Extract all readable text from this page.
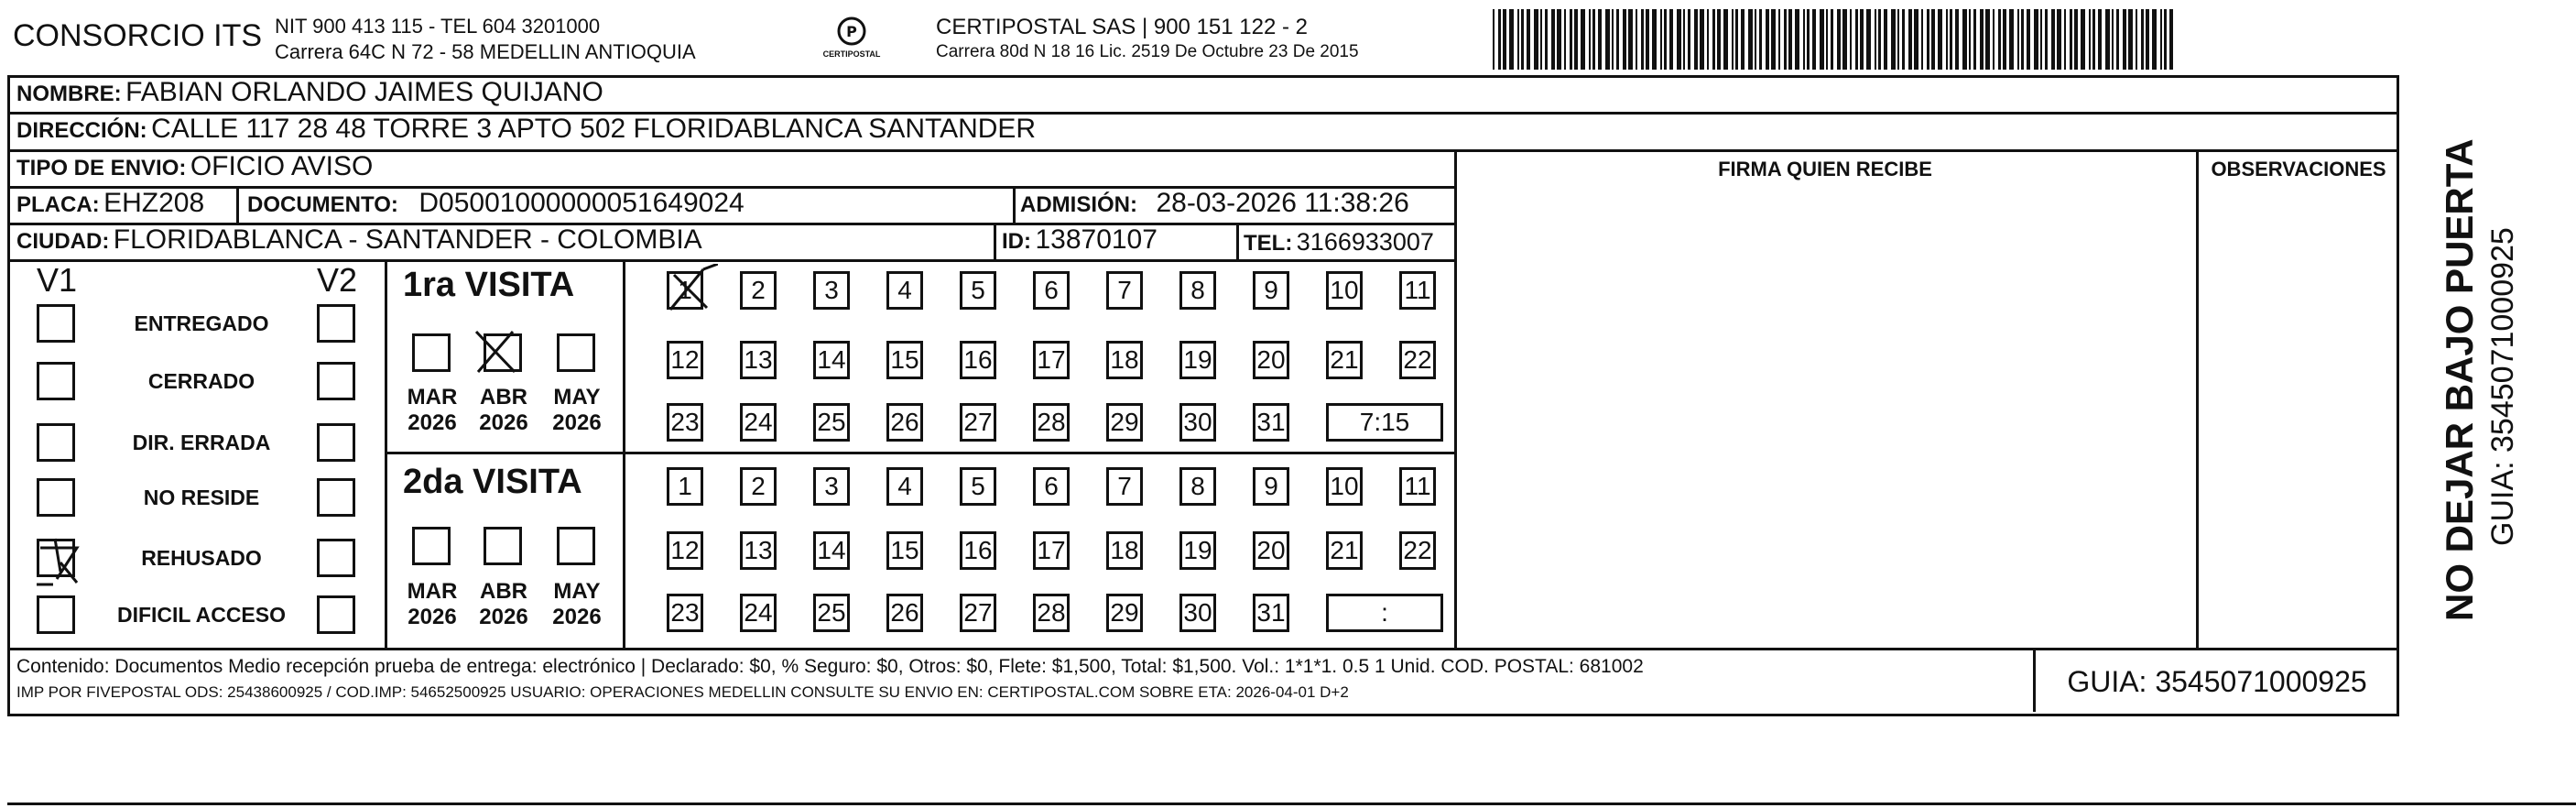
CONSORCIO ITS NIT 900 413 115 - TEL 604 3201000
Carrera 64C N 72 - 58 MEDELLIN ANTIOQUIA
P
CERTIPOSTAL
CERTIPOSTAL SAS | 900 151 122 - 2
Carrera 80d N 18 16 Lic. 2519 De Octubre 23 De 2015
NOMBRE: FABIAN ORLANDO JAIMES QUIJANO
DIRECCIÓN: CALLE 117 28 48 TORRE 3 APTO 502 FLORIDABLANCA SANTANDER
TIPO DE ENVIO: OFICIO AVISO	FIRMA QUIEN RECIBE	OBSERVACIONES
PLACA: EHZ208 DOCUMENTO: D05001000000051649024	ADMISIÓN: 28-03-2026 11:38:26
CIUDAD: FLORIDABLANCA - SANTANDER - COLOMBIA	ID: 13870107	TEL: 3166933007
V1	V2
ENTREGADO
CERRADO
DIR. ERRADA
NO RESIDE
REHUSADO
DIFICIL ACCESO
1ra VISITA
2da VISITA
MAR
2026
ABR
2026
MAY
2026
MAR
2026
ABR
2026
MAY
2026
1	2	3	4	5	6	7	8	9	10 11
12 13 14 15 16 17 18 19 20 21 22
23 24 25 26 27 28 29 30 31	7:15
1	2	3	4	5	6	7	8	9	10 11
12 13 14 15 16 17 18 19 20 21 22
23 24 25 26 27 28 29 30 31	:
Contenido: Documentos Medio recepción prueba de entrega: electrónico | Declarado: $0, % Seguro: $0, Otros: $0, Flete: $1,500, Total: $1,500. Vol.: 1*1*1. 0.5 1 Unid. COD. POSTAL: 681002
IMP POR FIVEPOSTAL ODS: 25438600925 / COD.IMP: 54652500925 USUARIO: OPERACIONES MEDELLIN CONSULTE SU ENVIO EN: CERTIPOSTAL.COM SOBRE ETA: 2026-04-01 D+2	GUIA: 3545071000925
NO DEJAR BAJO PUERTA GUIA: 3545071000925
